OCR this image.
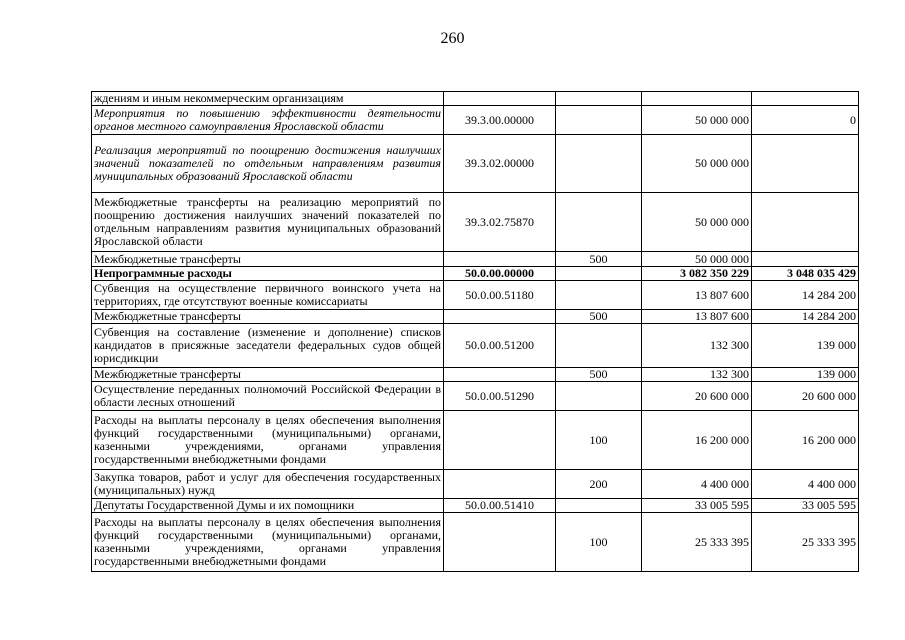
260
ждениям и иным некоммерческим организациям				
Мероприятия по повышению эффективности деятельности органов местного самоуправления Ярославской области	39.3.00.00000		50 000 000	0
Реализация мероприятий по поощрению достижения наилучших значений показателей по отдельным направлениям развития муниципальных образований Ярославской области	39.3.02.00000		50 000 000	
Межбюджетные трансферты на реализацию мероприятий по поощрению достижения наилучших значений показателей по отдельным направлениям развития муниципальных образований Ярославской области	39.3.02.75870		50 000 000	
Межбюджетные трансферты		500	50 000 000	
Непрограммные расходы	50.0.00.00000		3 082 350 229	3 048 035 429
Субвенция на осуществление первичного воинского учета на территориях, где отсутствуют военные комиссариаты	50.0.00.51180		13 807 600	14 284 200
Межбюджетные трансферты		500	13 807 600	14 284 200
Субвенция на составление (изменение и дополнение) списков кандидатов в присяжные заседатели федеральных судов общей юрисдикции	50.0.00.51200		132 300	139 000
Межбюджетные трансферты		500	132 300	139 000
Осуществление переданных полномочий Российской Федерации в области лесных отношений	50.0.00.51290		20 600 000	20 600 000
Расходы на выплаты персоналу в целях обеспечения выполнения функций государственными (муниципальными) органами, казенными учреждениями, органами управления государственными внебюджетными фондами		100	16 200 000	16 200 000
Закупка товаров, работ и услуг для обеспечения государственных (муниципальных) нужд		200	4 400 000	4 400 000
Депутаты Государственной Думы и их помощники	50.0.00.51410		33 005 595	33 005 595
Расходы на выплаты персоналу в целях обеспечения выполнения функций государственными (муниципальными) органами, казенными учреждениями, органами управления государственными внебюджетными фондами		100	25 333 395	25 333 395
